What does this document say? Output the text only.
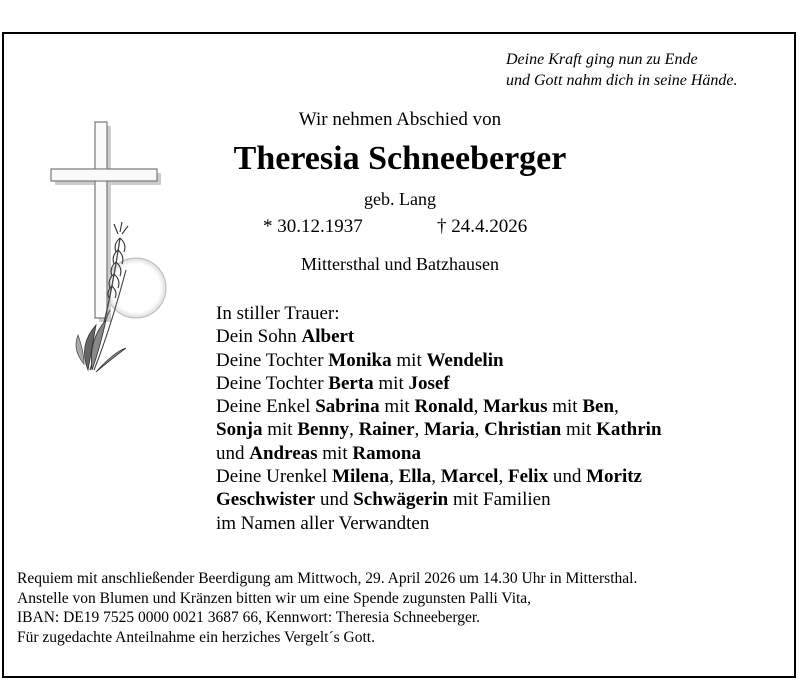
Deine Kraft ging nun zu Ende
und Gott nahm dich in seine Hände.
Wir nehmen Abschied von
Theresia Schneeberger
geb. Lang
* 30.12.1937	† 24.4.2026
Mittersthal und Batzhausen
In stiller Trauer:
Dein Sohn Albert
Deine Tochter Monika mit Wendelin
Deine Tochter Berta mit Josef
Deine Enkel Sabrina mit Ronald, Markus mit Ben,
Sonja mit Benny, Rainer, Maria, Christian mit Kathrin
und Andreas mit Ramona
Deine Urenkel Milena, Ella, Marcel, Felix und Moritz
Geschwister und Schwägerin mit Familien
im Namen aller Verwandten
Requiem mit anschließender Beerdigung am Mittwoch, 29. April 2026 um 14.30 Uhr in Mittersthal.
Anstelle von Blumen und Kränzen bitten wir um eine Spende zugunsten Palli Vita,
IBAN: DE19 7525 0000 0021 3687 66, Kennwort: Theresia Schneeberger.
Für zugedachte Anteilnahme ein herziches Vergelt´s Gott.
